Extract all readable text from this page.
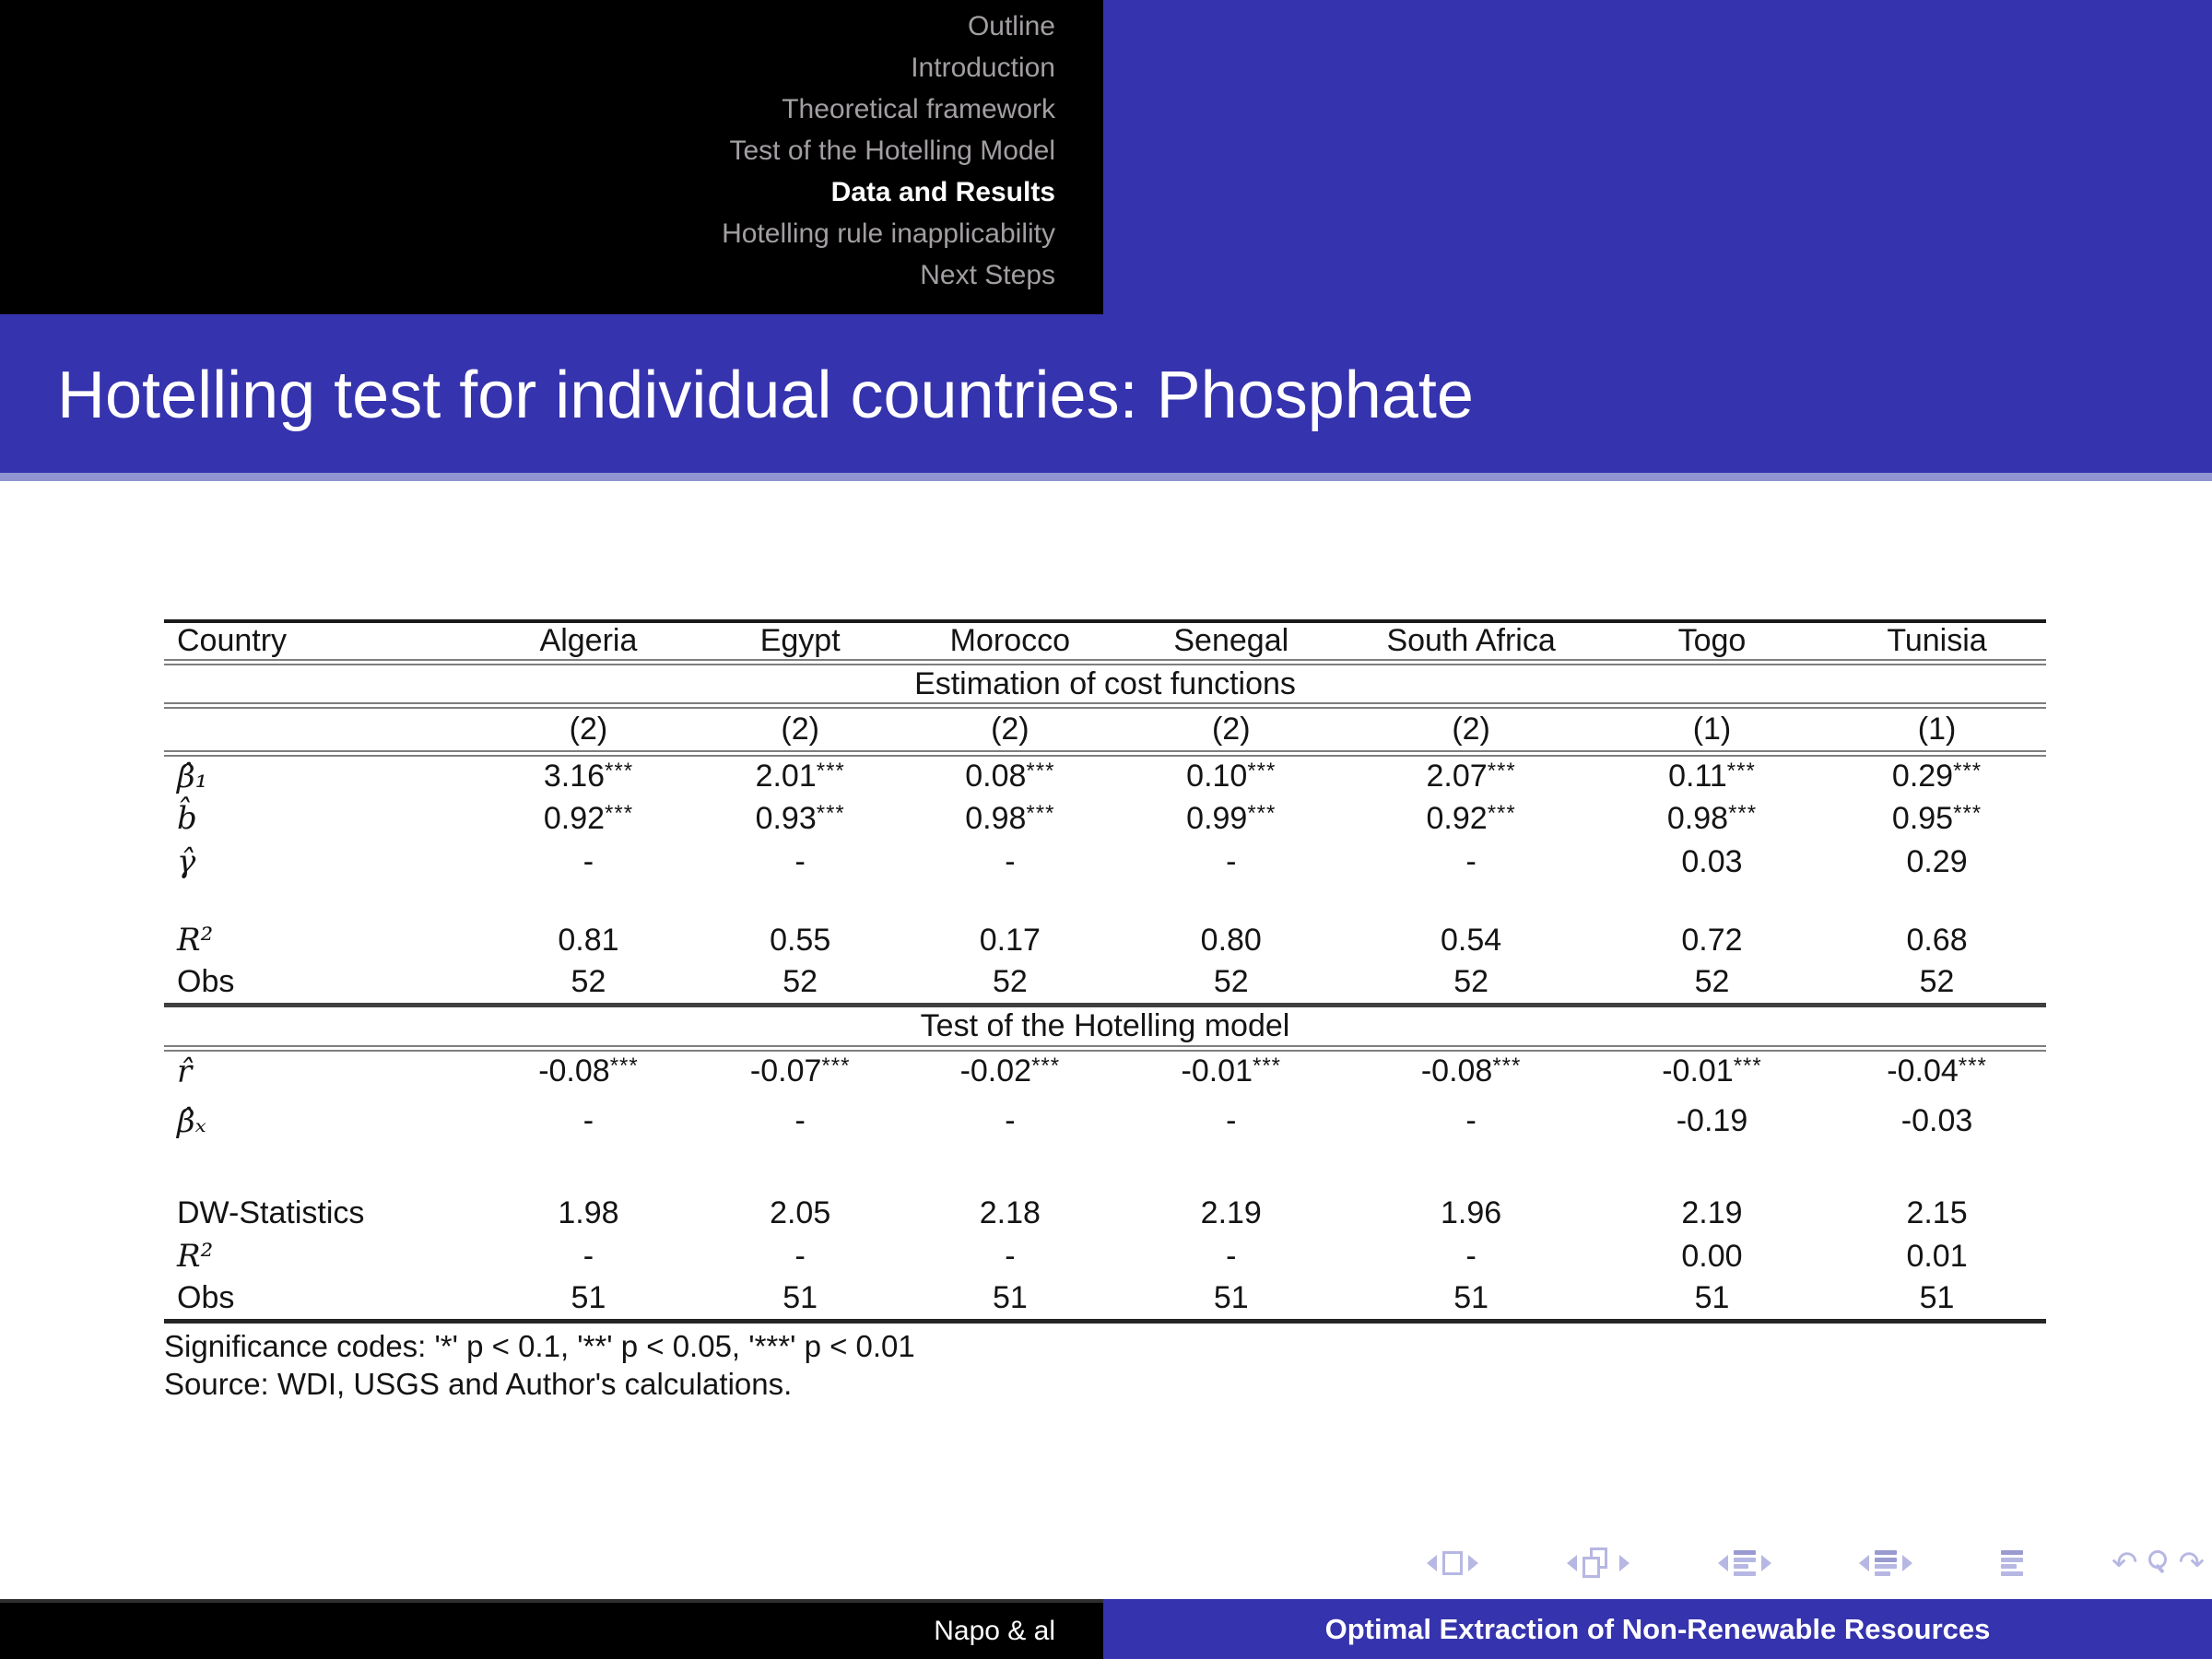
Outline
Introduction
Theoretical framework
Test of the Hotelling Model
Data and Results
Hotelling rule inapplicability
Next Steps
Hotelling test for individual countries: Phosphate
Country	Algeria	Egypt	Morocco	Senegal	South Africa	Togo	Tunisia
Estimation of cost functions							
	(2)	(2)	(2)	(2)	(2)	(1)	(1)
β̂₁	3.16***	2.01***	0.08***	0.10***	2.07***	0.11***	0.29***
b̂	0.92***	0.93***	0.98***	0.99***	0.92***	0.98***	0.95***
γ̂	-	-	-	-	-	0.03	0.29

R²	0.81	0.55	0.17	0.80	0.54	0.72	0.68
Obs	52	52	52	52	52	52	52
Test of the Hotelling model							
r̂	-0.08***	-0.07***	-0.02***	-0.01***	-0.08***	-0.01***	-0.04***
β̂ₓ	-	-	-	-	-	-0.19	-0.03

DW-Statistics	1.98	2.05	2.18	2.19	1.96	2.19	2.15
R²	-	-	-	-	-	0.00	0.01
Obs	51	51	51	51	51	51	51
Significance codes: '*' p < 0.1, '**' p < 0.05, '***' p < 0.01
Source: WDI, USGS and Author's calculations.
↶ ↷
Napo & al	Optimal Extraction of Non-Renewable Resources
